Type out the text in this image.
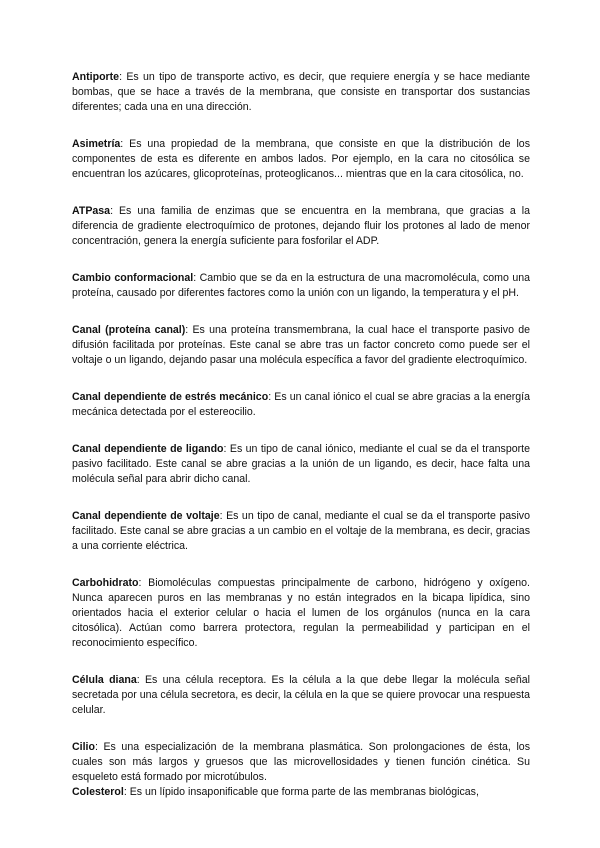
Antiporte: Es un tipo de transporte activo, es decir, que requiere energía y se hace mediante bombas, que se hace a través de la membrana, que consiste en transportar dos sustancias diferentes; cada una en una dirección.

Asimetría: Es una propiedad de la membrana, que consiste en que la distribución de los componentes de esta es diferente en ambos lados. Por ejemplo, en la cara no citosólica se encuentran los azúcares, glicoproteínas, proteoglicanos... mientras que en la cara citosólica, no.

ATPasa: Es una familia de enzimas que se encuentra en la membrana, que gracias a la diferencia de gradiente electroquímico de protones, dejando fluir los protones al lado de menor concentración, genera la energía suficiente para fosforilar el ADP.

Cambio conformacional: Cambio que se da en la estructura de una macromolécula, como una proteína, causado por diferentes factores como la unión con un ligando, la temperatura y el pH.

Canal (proteína canal): Es una proteína transmembrana, la cual hace el transporte pasivo de difusión facilitada por proteínas. Este canal se abre tras un factor concreto como puede ser el voltaje o un ligando, dejando pasar una molécula específica a favor del gradiente electroquímico.

Canal dependiente de estrés mecánico: Es un canal iónico el cual se abre gracias a la energía mecánica detectada por el estereocilio.

Canal dependiente de ligando: Es un tipo de canal iónico, mediante el cual se da el transporte pasivo facilitado. Este canal se abre gracias a la unión de un ligando, es decir, hace falta una molécula señal para abrir dicho canal.

Canal dependiente de voltaje: Es un tipo de canal, mediante el cual se da el transporte pasivo facilitado. Este canal se abre gracias a un cambio en el voltaje de la membrana, es decir, gracias a una corriente eléctrica.

Carbohidrato: Biomoléculas compuestas principalmente de carbono, hidrógeno y oxígeno. Nunca aparecen puros en las membranas y no están integrados en la bicapa lipídica, sino orientados hacia el exterior celular o hacia el lumen de los orgánulos (nunca en la cara citosólica). Actúan como barrera protectora, regulan la permeabilidad y participan en el reconocimiento específico.

Célula diana: Es una célula receptora. Es la célula a la que debe llegar la molécula señal secretada por una célula secretora, es decir, la célula en la que se quiere provocar una respuesta celular.

Cilio: Es una especialización de la membrana plasmática. Son prolongaciones de ésta, los cuales son más largos y gruesos que las microvellosidades y tienen función cinética. Su esqueleto está formado por microtúbulos.

Colesterol: Es un lípido insaponificable que forma parte de las membranas biológicas,
